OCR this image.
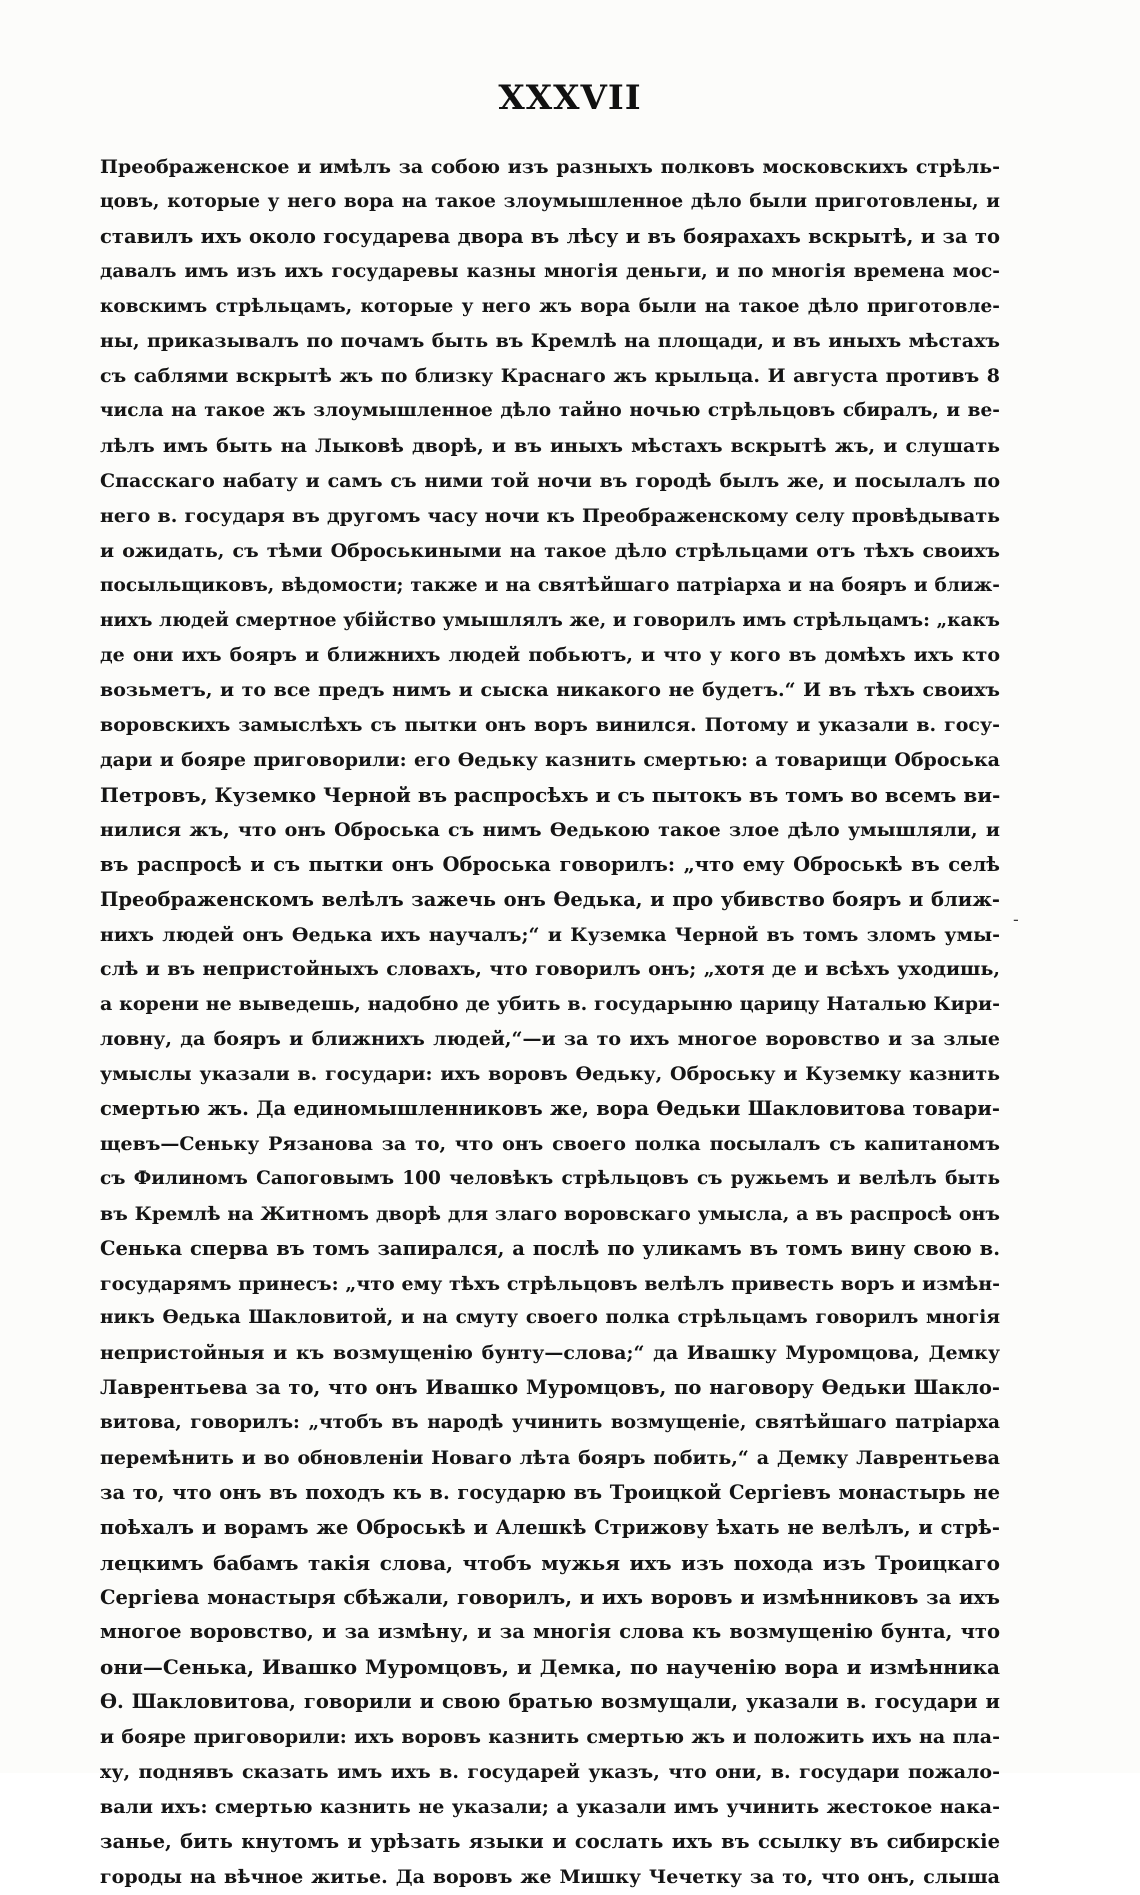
XXXVII
Преображенское и имѣлъ за собою изъ разныхъ полковъ московскихъ стрѣль-
цовъ, которые у него вора на такое злоумышленное дѣло были приготовлены, и
ставилъ ихъ около государева двора въ лѣсу и въ боярахахъ вскрытѣ, и за то
давалъ имъ изъ ихъ государевы казны многія деньги, и по многія времена мос-
ковскимъ стрѣльцамъ, которые у него жъ вора были на такое дѣло приготовле-
ны, приказывалъ по почамъ быть въ Кремлѣ на площади, и въ иныхъ мѣстахъ
съ саблями вскрытѣ жъ по близку Краснаго жъ крыльца. И августа противъ 8
числа на такое жъ злоумышленное дѣло тайно ночью стрѣльцовъ сбиралъ, и ве-
лѣлъ имъ быть на Лыковѣ дворѣ, и въ иныхъ мѣстахъ вскрытѣ жъ, и слушать
Спасскаго набату и самъ съ ними той ночи въ городѣ былъ же, и посылалъ по
него в. государя въ другомъ часу ночи къ Преображенскому селу провѣдывать
и ожидать, съ тѣми Оброськиными на такое дѣло стрѣльцами отъ тѣхъ своихъ
посыльщиковъ, вѣдомости; также и на святѣйшаго патріарха и на бояръ и ближ-
нихъ людей смертное убійство умышлялъ же, и говорилъ имъ стрѣльцамъ: „какъ
де они ихъ бояръ и ближнихъ людей побьютъ, и что у кого въ домѣхъ ихъ кто
возьметъ, и то все предъ нимъ и сыска никакого не будетъ.“ И въ тѣхъ своихъ
воровскихъ замыслѣхъ съ пытки онъ воръ винился. Потому и указали в. госу-
дари и бояре приговорили: его Ѳедьку казнить смертью: а товарищи Оброська
Петровъ, Куземко Черной въ распросѣхъ и съ пытокъ въ томъ во всемъ ви-
нилися жъ, что онъ Оброська съ нимъ Ѳедькою такое злое дѣло умышляли, и
въ распросѣ и съ пытки онъ Оброська говорилъ: „что ему Оброськѣ въ селѣ
Преображенскомъ велѣлъ зажечь онъ Ѳедька, и про убивство бояръ и ближ-
нихъ людей онъ Ѳедька ихъ научалъ;“ и Куземка Черной въ томъ зломъ умы-
слѣ и въ непристойныхъ словахъ, что говорилъ онъ; „хотя де и всѣхъ уходишь,
а корени не выведешь, надобно де убить в. государыню царицу Наталью Кири-
ловну, да бояръ и ближнихъ людей,“—и за то ихъ многое воровство и за злые
умыслы указали в. государи: ихъ воровъ Ѳедьку, Оброську и Куземку казнить
смертью жъ. Да единомышленниковъ же, вора Ѳедьки Шакловитова товари-
щевъ—Сеньку Рязанова за то, что онъ своего полка посылалъ съ капитаномъ
съ Филиномъ Сапоговымъ 100 человѣкъ стрѣльцовъ съ ружьемъ и велѣлъ быть
въ Кремлѣ на Житномъ дворѣ для злаго воровскаго умысла, а въ распросѣ онъ
Сенька сперва въ томъ запирался, а послѣ по уликамъ въ томъ вину свою в.
государямъ принесъ: „что ему тѣхъ стрѣльцовъ велѣлъ привесть воръ и измѣн-
никъ Ѳедька Шакловитой, и на смуту своего полка стрѣльцамъ говорилъ многія
непристойныя и къ возмущенію бунту—слова;“ да Ивашку Муромцова, Демку
Лаврентьева за то, что онъ Ивашко Муромцовъ, по наговору Ѳедьки Шакло-
витова, говорилъ: „чтобъ въ народѣ учинить возмущеніе, святѣйшаго патріарха
перемѣнить и во обновленіи Новаго лѣта бояръ побить,“ а Демку Лаврентьева
за то, что онъ въ походъ къ в. государю въ Троицкой Сергіевъ монастырь не
поѣхалъ и ворамъ же Оброськѣ и Алешкѣ Стрижову ѣхать не велѣлъ, и стрѣ-
лецкимъ бабамъ такія слова, чтобъ мужья ихъ изъ похода изъ Троицкаго
Сергіева монастыря сбѣжали, говорилъ, и ихъ воровъ и измѣнниковъ за ихъ
многое воровство, и за измѣну, и за многія слова къ возмущенію бунта, что
они—Сенька, Ивашко Муромцовъ, и Демка, по наученію вора и измѣнника
Ѳ. Шакловитова, говорили и свою братью возмущали, указали в. государи и
и бояре приговорили: ихъ воровъ казнить смертью жъ и положить ихъ на пла-
ху, поднявъ сказать имъ ихъ в. государей указъ, что они, в. государи пожало-
вали ихъ: смертью казнить не указали; а указали имъ учинить жестокое нака-
занье, бить кнутомъ и урѣзать языки и сослать ихъ въ ссылку въ сибирскіе
городы на вѣчное житье. Да воровъ же Мишку Чечетку за то, что онъ, слыша
-
